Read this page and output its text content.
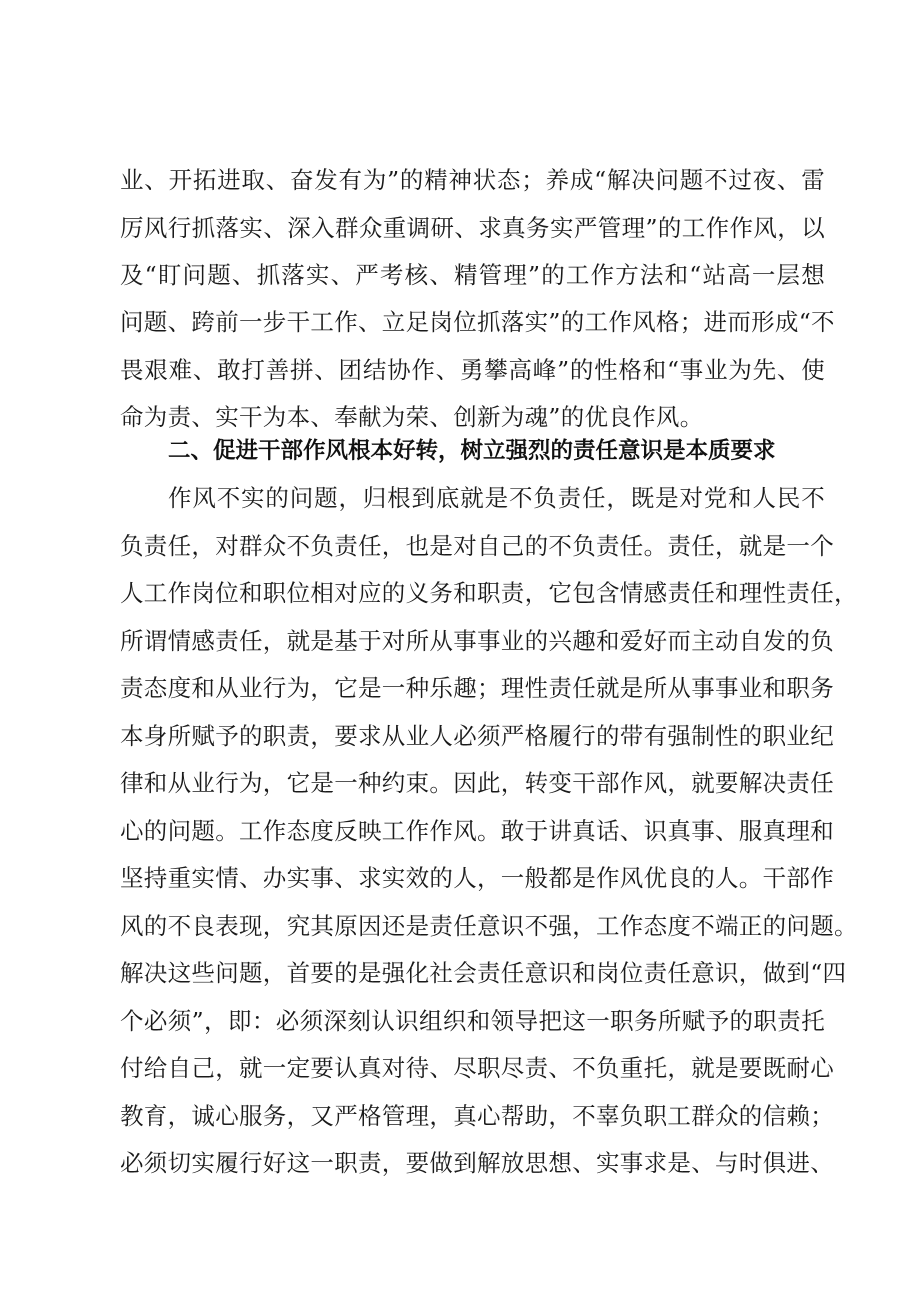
业、开拓进取、奋发有为”的精神状态；养成“解决问题不过夜、雷
厉风行抓落实、深入群众重调研、求真务实严管理”的工作作风，以
及“盯问题、抓落实、严考核、精管理”的工作方法和“站高一层想
问题、跨前一步干工作、立足岗位抓落实”的工作风格；进而形成“不
畏艰难、敢打善拼、团结协作、勇攀高峰”的性格和“事业为先、使
命为责、实干为本、奉献为荣、创新为魂”的优良作风。
二、促进干部作风根本好转，树立强烈的责任意识是本质要求
作风不实的问题，归根到底就是不负责任，既是对党和人民不
负责任，对群众不负责任，也是对自己的不负责任。责任，就是一个
人工作岗位和职位相对应的义务和职责，它包含情感责任和理性责任，
所谓情感责任，就是基于对所从事事业的兴趣和爱好而主动自发的负
责态度和从业行为，它是一种乐趣；理性责任就是所从事事业和职务
本身所赋予的职责，要求从业人必须严格履行的带有强制性的职业纪
律和从业行为，它是一种约束。因此，转变干部作风，就要解决责任
心的问题。工作态度反映工作作风。敢于讲真话、识真事、服真理和
坚持重实情、办实事、求实效的人，一般都是作风优良的人。干部作
风的不良表现，究其原因还是责任意识不强，工作态度不端正的问题。
解决这些问题，首要的是强化社会责任意识和岗位责任意识，做到“四
个必须”，即：必须深刻认识组织和领导把这一职务所赋予的职责托
付给自己，就一定要认真对待、尽职尽责、不负重托，就是要既耐心
教育，诚心服务，又严格管理，真心帮助，不辜负职工群众的信赖；
必须切实履行好这一职责，要做到解放思想、实事求是、与时俱进、
